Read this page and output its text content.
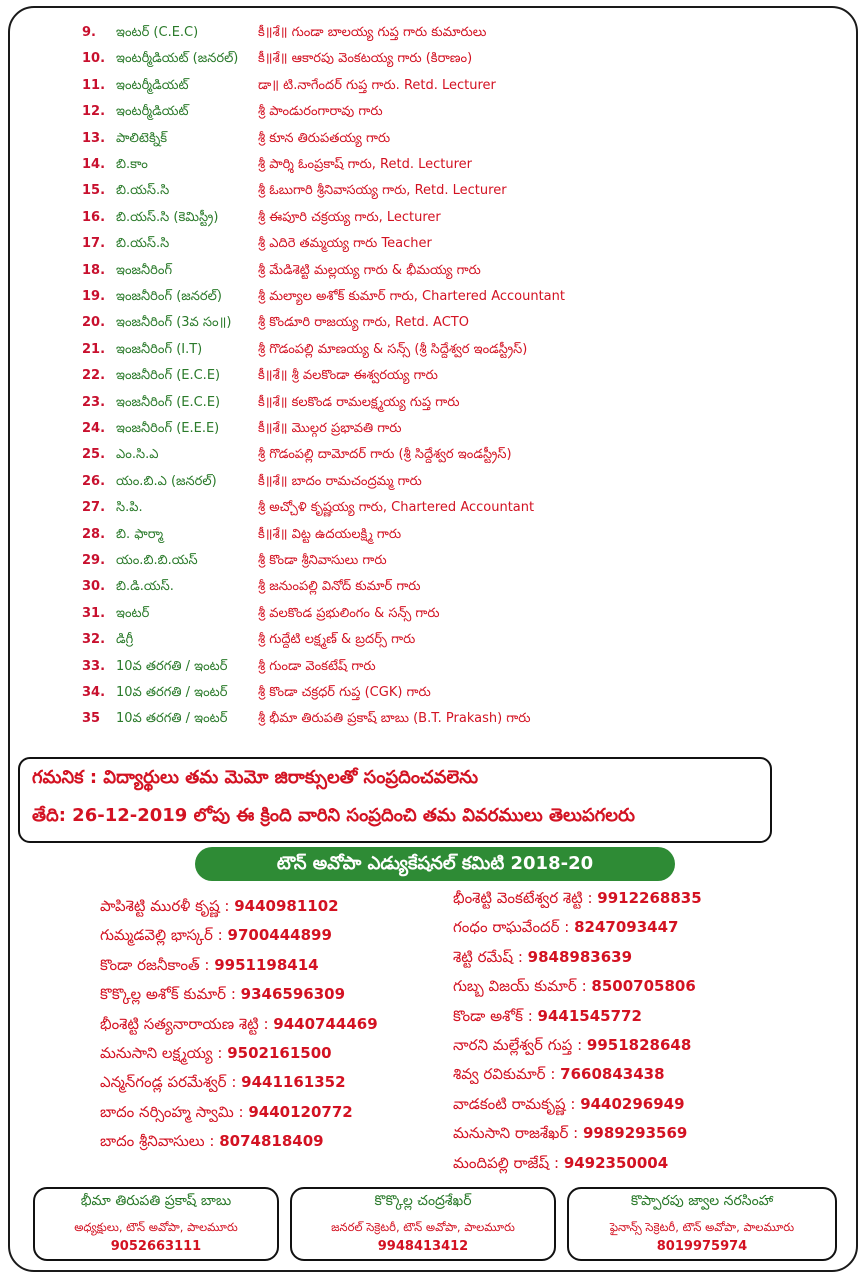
9. ఇంటర్ (C.E.C)	కీ॥శే॥ గుండా బాలయ్య గుప్త గారు కుమారులు
10. ఇంటర్మీడియట్ (జనరల్) కీ॥శే॥ ఆకారపు వెంకటయ్య గారు (కిరాణం)
11. ఇంటర్మీడియట్	డా॥ టి.నాగేందర్ గుప్త గారు. Retd. Lecturer
12. ఇంటర్మీడియట్	శ్రీ పాండురంగారావు గారు
13. పాలిటెక్నిక్	శ్రీ కూన తిరుపతయ్య గారు
14. బి.కాం	శ్రీ పార్శి ఓంప్రకాష్ గారు, Retd. Lecturer
15. బి.యస్.సి	శ్రీ ఓబుగారి శ్రీనివాసయ్య గారు, Retd. Lecturer
16. బి.యస్.సి (కెమిస్ట్రీ)	శ్రీ ఈపూరి చక్రయ్య గారు, Lecturer
17. బి.యస్.సి	శ్రీ ఎదిరె తమ్మయ్య గారు Teacher
18. ఇంజనీరింగ్	శ్రీ మేడిశెట్టి మల్లయ్య గారు & భీమయ్య గారు
19. ఇంజనీరింగ్ (జనరల్)	శ్రీ మల్యాల అశోక్ కుమార్ గారు, Chartered Accountant
20. ఇంజనీరింగ్ (3వ సం॥) శ్రీ కొండూరి రాజయ్య గారు, Retd. ACTO
21. ఇంజనీరింగ్ (I.T)	శ్రీ గొడంపల్లి మాణయ్య & సన్స్ (శ్రీ సిద్దేశ్వర ఇండస్ట్రీస్)
22. ఇంజనీరింగ్ (E.C.E)	కీ॥శే॥ శ్రీ వలకొండా ఈశ్వరయ్య గారు
23. ఇంజనీరింగ్ (E.C.E)	కీ॥శే॥ కలకొండ రామలక్ష్మయ్య గుప్త గారు
24. ఇంజనీరింగ్ (E.E.E)	కీ॥శే॥ మొల్గర ప్రభావతి గారు
25. ఎం.సి.ఎ	శ్రీ గొడంపల్లి దామోదర్ గారు (శ్రీ సిద్దేశ్వర ఇండస్ట్రీస్)
26. యం.బి.ఎ (జనరల్)	కీ॥శే॥ బాదం రామచంద్రమ్మ గారు
27. సి.పి.	శ్రీ అచ్చోళి కృష్ణయ్య గారు, Chartered Accountant
28. బి. ఫార్మా	కీ॥శే॥ విట్ట ఉదయలక్ష్మి గారు
29. యం.బి.బి.యస్	శ్రీ కొండా శ్రీనివాసులు గారు
30. బి.డి.యస్.	శ్రీ జనుంపల్లి వినోద్ కుమార్ గారు
31. ఇంటర్	శ్రీ వలకొండ ప్రభులింగం & సన్స్ గారు
32. డిగ్రీ	శ్రీ గుద్దేటి లక్ష్మణ్ & బ్రదర్స్ గారు
33. 10వ తరగతి / ఇంటర్ శ్రీ గుండా వెంకటేష్ గారు
34. 10వ తరగతి / ఇంటర్ శ్రీ కొండా చక్రధర్ గుప్త (CGK) గారు
35 10వ తరగతి / ఇంటర్ శ్రీ భీమా తిరుపతి ప్రకాష్ బాబు (B.T. Prakash) గారు
గమనిక : విద్యార్థులు తమ మెమో జిరాక్సులతో సంప్రదించవలెను
తేది: 26-12-2019 లోపు ఈ క్రింది వారిని సంప్రదించి తమ వివరములు తెలుపగలరు
టౌన్ అవోపా ఎడ్యుకేషనల్ కమిటి 2018-20
పాపిశెట్టి మురళీ కృష్ణ : 9440981102
గుమ్మడవెల్లి భాస్కర్ : 9700444899
కొండా రజనీకాంత్ : 9951198414
కొక్కొల్ల అశోక్ కుమార్ : 9346596309
భీంశెట్టి సత్యనారాయణ శెట్టి : 9440744469
మనుసాని లక్ష్మయ్య : 9502161500
ఎన్మన్‌గండ్ల పరమేశ్వర్ : 9441161352
బాదం నర్సింహ్మ స్వామి : 9440120772
బాదం శ్రీనివాసులు : 8074818409
భీంశెట్టి వెంకటేశ్వర శెట్టి : 9912268835
గంధం రాఘవేందర్ : 8247093447
శెట్టి రమేష్ : 9848983639
గుబ్బ విజయ్ కుమార్ : 8500705806
కొండా అశోక్ : 9441545772
నారని మల్లేశ్వర్ గుప్త : 9951828648
శివ్వ రవికుమార్ : 7660843438
వాడకంటి రామకృష్ణ : 9440296949
మనుసాని రాజశేఖర్ : 9989293569
మందిపల్లి రాజేష్ : 9492350004
భీమా తిరుపతి ప్రకాష్ బాబు
అధ్యక్షులు, టౌన్ అవోపా, పాలమూరు
9052663111
కొక్కొల్ల చంద్రశేఖర్
జనరల్ సెక్రెటరీ, టౌన్ అవోపా, పాలమూరు
9948413412
కొప్పారపు జ్వాల నరసింహా
ఫైనాన్స్ సెక్రెటరీ, టౌన్ అవోపా, పాలమూరు
8019975974
